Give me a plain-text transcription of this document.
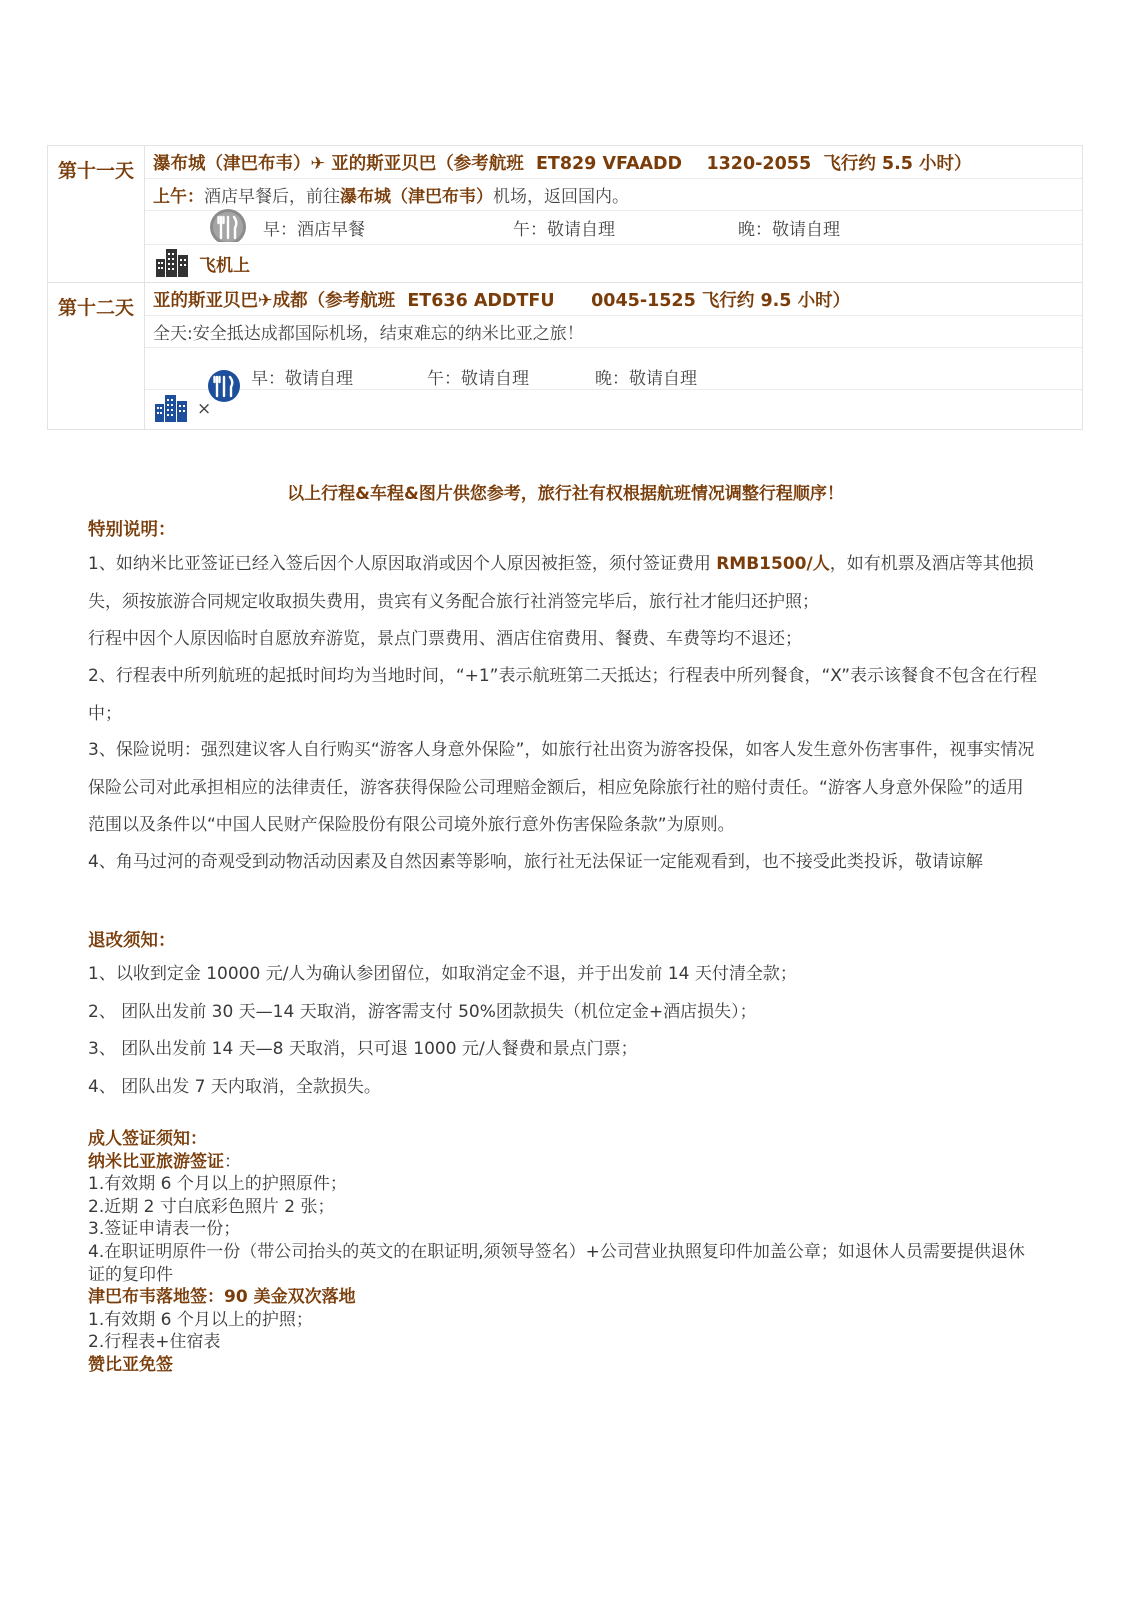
第十一天	瀑布城（津巴布韦）✈ 亚的斯亚贝巴（参考航班  ET829 VFAADD    1320-2055  飞行约 5.5 小时）
上午： 酒店早餐后，前往 瀑布城（津巴布韦） 机场，返回国内。

早：酒店早餐	午：敬请自理	晚：敬请自理
飞机上
第十二天	亚的斯亚贝巴✈成都（参考航班  ET636 ADDTFU      0045-1525 飞行约 9.5 小时）
全天:安全抵达成都国际机场，结束难忘的纳米比亚之旅！

早：敬请自理	午：敬请自理	晚：敬请自理
×
以上行程&车程&图片供您参考，旅行社有权根据航班情况调整行程顺序！
特别说明：
1、如纳米比亚签证已经入签后因个人原因取消或因个人原因被拒签，须付签证费用 RMB1500/人，如有机票及酒店等其他损失，须按旅游合同规定收取损失费用，贵宾有义务配合旅行社消签完毕后，旅行社才能归还护照；
行程中因个人原因临时自愿放弃游览，景点门票费用、酒店住宿费用、餐费、车费等均不退还；
2、行程表中所列航班的起抵时间均为当地时间，“+1”表示航班第二天抵达；行程表中所列餐食，“X”表示该餐食不包含在行程中；
3、保险说明：强烈建议客人自行购买“游客人身意外保险”，如旅行社出资为游客投保，如客人发生意外伤害事件，视事实情况保险公司对此承担相应的法律责任，游客获得保险公司理赔金额后，相应免除旅行社的赔付责任。“游客人身意外保险”的适用范围以及条件以“中国人民财产保险股份有限公司境外旅行意外伤害保险条款”为原则。
4、角马过河的奇观受到动物活动因素及自然因素等影响，旅行社无法保证一定能观看到，也不接受此类投诉，敬请谅解
退改须知：
1、以收到定金 10000 元/人为确认参团留位，如取消定金不退，并于出发前 14 天付清全款；
2、 团队出发前 30 天—14 天取消，游客需支付 50%团款损失（机位定金+酒店损失）；
3、 团队出发前 14 天—8 天取消，只可退 1000 元/人餐费和景点门票；
4、 团队出发 7 天内取消，全款损失。
成人签证须知：
纳米比亚旅游签证：
1.有效期 6 个月以上的护照原件；
2.近期 2 寸白底彩色照片 2 张；
3.签证申请表一份；
4.在职证明原件一份（带公司抬头的英文的在职证明,须领导签名）+公司营业执照复印件加盖公章；如退休人员需要提供退休证的复印件
津巴布韦落地签：90 美金双次落地
1.有效期 6 个月以上的护照；
2.行程表+住宿表
赞比亚免签
